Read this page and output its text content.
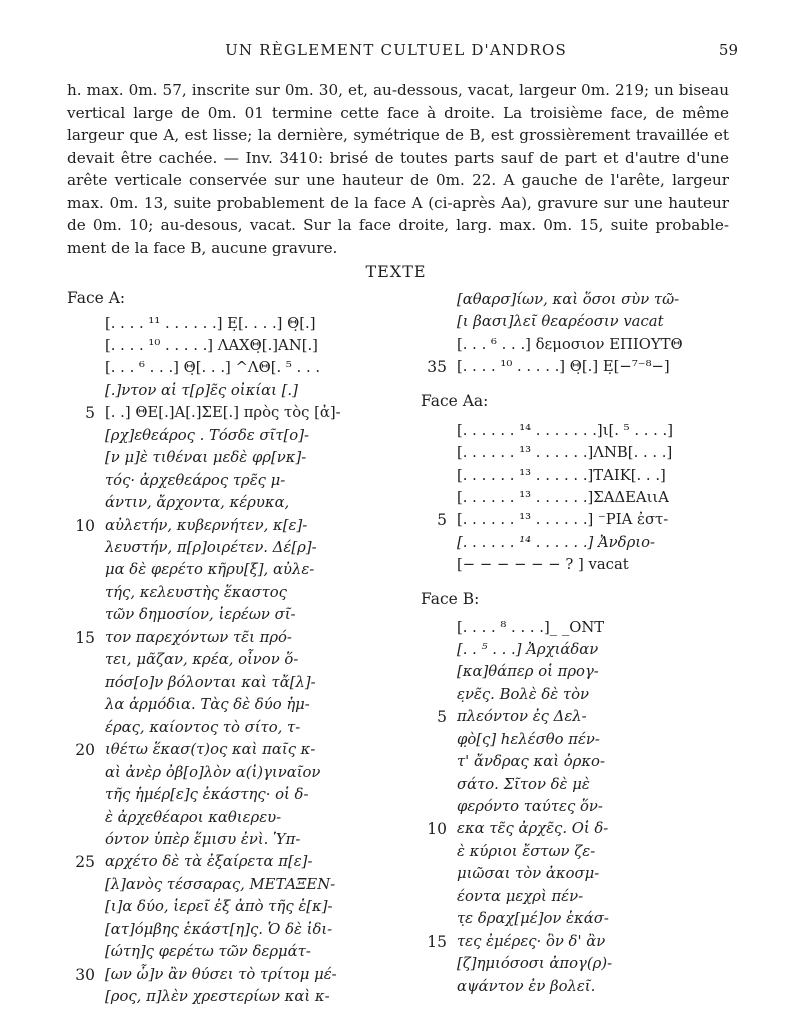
UN RÈGLEMENT CULTUEL D'ANDROS	59
h. max. 0m. 57, inscrite sur 0m. 30, et, au-dessous, vacat, largeur 0m. 219; un biseau
vertical large de 0m. 01 termine cette face à droite. La troisième face, de même
largeur que A, est lisse; la dernière, symétrique de B, est grossièrement travaillée et
devait être cachée. — Inv. 3410: brisé de toutes parts sauf de part et d'autre d'une
arête verticale conservée sur une hauteur de 0m. 22. A gauche de l'arête, largeur
max. 0m. 13, suite probablement de la face A (ci-après Aa), gravure sur une hauteur
de 0m. 10; au-desous, vacat. Sur la face droite, larg. max. 0m. 15, suite probable-
ment de la face B, aucune gravure.
TEXTE
Face A:
[. . . . ¹¹ . . . . . .] Ε̣[. . . .] Θ̣[.]
[. . . . ¹⁰ . . . . .] ΛΑΧΘ̣[.]ΑΝ[.]
[. . . ⁶ . . .] Θ̣[. . .] ^ΛΘ[. ⁵ . . .
[.]ντον αἱ τ[ρ]ε̃ς οἰκίαι [.]
5 [. .] ΘΕ[.]Α[.]ΣΕ[.] πρὸς τὸς [ἀ]-
[ρχ]εθεάρος . Τόσδε σῖτ[ο]-
[ν μ]ὲ τιθέναι μεδὲ φρ[νκ]-
τός· ἀρχεθεάρος τρε̃ς μ-
άντιν, ἄρχοντα, κέρυκα,
10 αὐλετήν, κυβερνήτεν, κ[ε]-
λευστήν, π[ρ]οιρέτεν. Δέ[ρ]-
μα δὲ φερέτο κῆρυ[ξ], αὐλε-
τής, κελευστὴς ἕκαστος
τῶν δημοσίον, ἱερέων σῖ-
15 τον παρεχόντων τε̃ι πρό-
τει, μᾶζαν, κρέα, οἶνον ὅ-
πόσ[ο]ν βόλονται καὶ τἄ[λ]-
λα ἁρμόδια. Τὰς δὲ δύο ἡμ-
έρας, καίοντος τὸ σίτο, τ-
20 ιθέτω ἕκασ(τ)ος καὶ παῖς κ-
αὶ ἀνὲρ ὀβ[ο]λὸν α(ἰ)γιναῖον
τῆς ἡμέρ[ε]ς ἑκάστης· οἱ δ-
ὲ ἀρχεθέαροι καθιερευ-
όντον ὑπὲρ ἕμισυ ἐνὶ. Ὑπ-
25 αρχέτο δὲ τὰ ἐξαίρετα π[ε]-
[λ]ανὸς τέσσαρας, ΜΕΤΑΞΕΝ-
[ι]α δύο, ἱερεῖ ἐξ ἀπὸ τῆς ἑ[κ]-
[ατ]όμβης ἑκάστ[η]ς. Ὁ δὲ ἰδι-
[ώτη]ς φερέτω τῶν δερμάτ-
30 [ων ὧ]ν ἂν θύσει τὸ τρίτομ μέ-
[ρος, π]λὲν χρεστερίων καὶ κ-
[αθαρσ]ίων, καὶ ὅσοι σὺν τῶ-
[ι βασι]λεῖ θεαρέοσιν vacat
[. . . ⁶ . . .] δεμοσιον ΕΠΙΟΥΤΘ
35 [. . . . ¹⁰ . . . . .] Θ̣[.] Ε̣[−⁷⁻⁸−]
Face Aa:
[. . . . . . ¹⁴ . . . . . . .]ι[. ⁵ . . . .]
[. . . . . . ¹³ . . . . . .]ΛΝΒ[. . . .]
[. . . . . . ¹³ . . . . . .]ΤΑΙΚ[. . .]
[. . . . . . ¹³ . . . . . .]ΣΑΔΕΑιιΑ
5 [. . . . . . ¹³ . . . . . .] ⁻ΡΙΑ ἐστ-
[. . . . . . ¹⁴ . . . . . .] Ἀνδριο-
[− − − − − − ? ] vacat
Face B:
[. . . . ⁸ . . . .]_ _ΟΝΤ
[. . ⁵ . . .] Ἀρχιάδαν
[κα]θάπερ οἱ προγ-
ε̣νε̃ς. Βολὲ δὲ τὸν
5 πλεόντον ἐς Δελ-
φ̣ὸ[ς] hελέσθο πέν-
τ' ἄνδρας καὶ ὁρκο-
σάτο. Σῖτον δὲ μὲ
φερόντο ταύτες ὅν-
10 εκα τε̃ς ἀρχε̃ς. Οἱ δ-
ὲ κύριοι ἔστων ζε-
μιῶσαι τὸν ἀκοσμ-
έοντα μεχρὶ πέν-
τ̣ε δραχ[μέ]ον ἑκάσ-
15 τες ἐμέρες· ὃν δ' ἂν
[ζ]ημιόσοσι ἀπογ(ρ)-
αψάντον ἐν βολεῖ.
